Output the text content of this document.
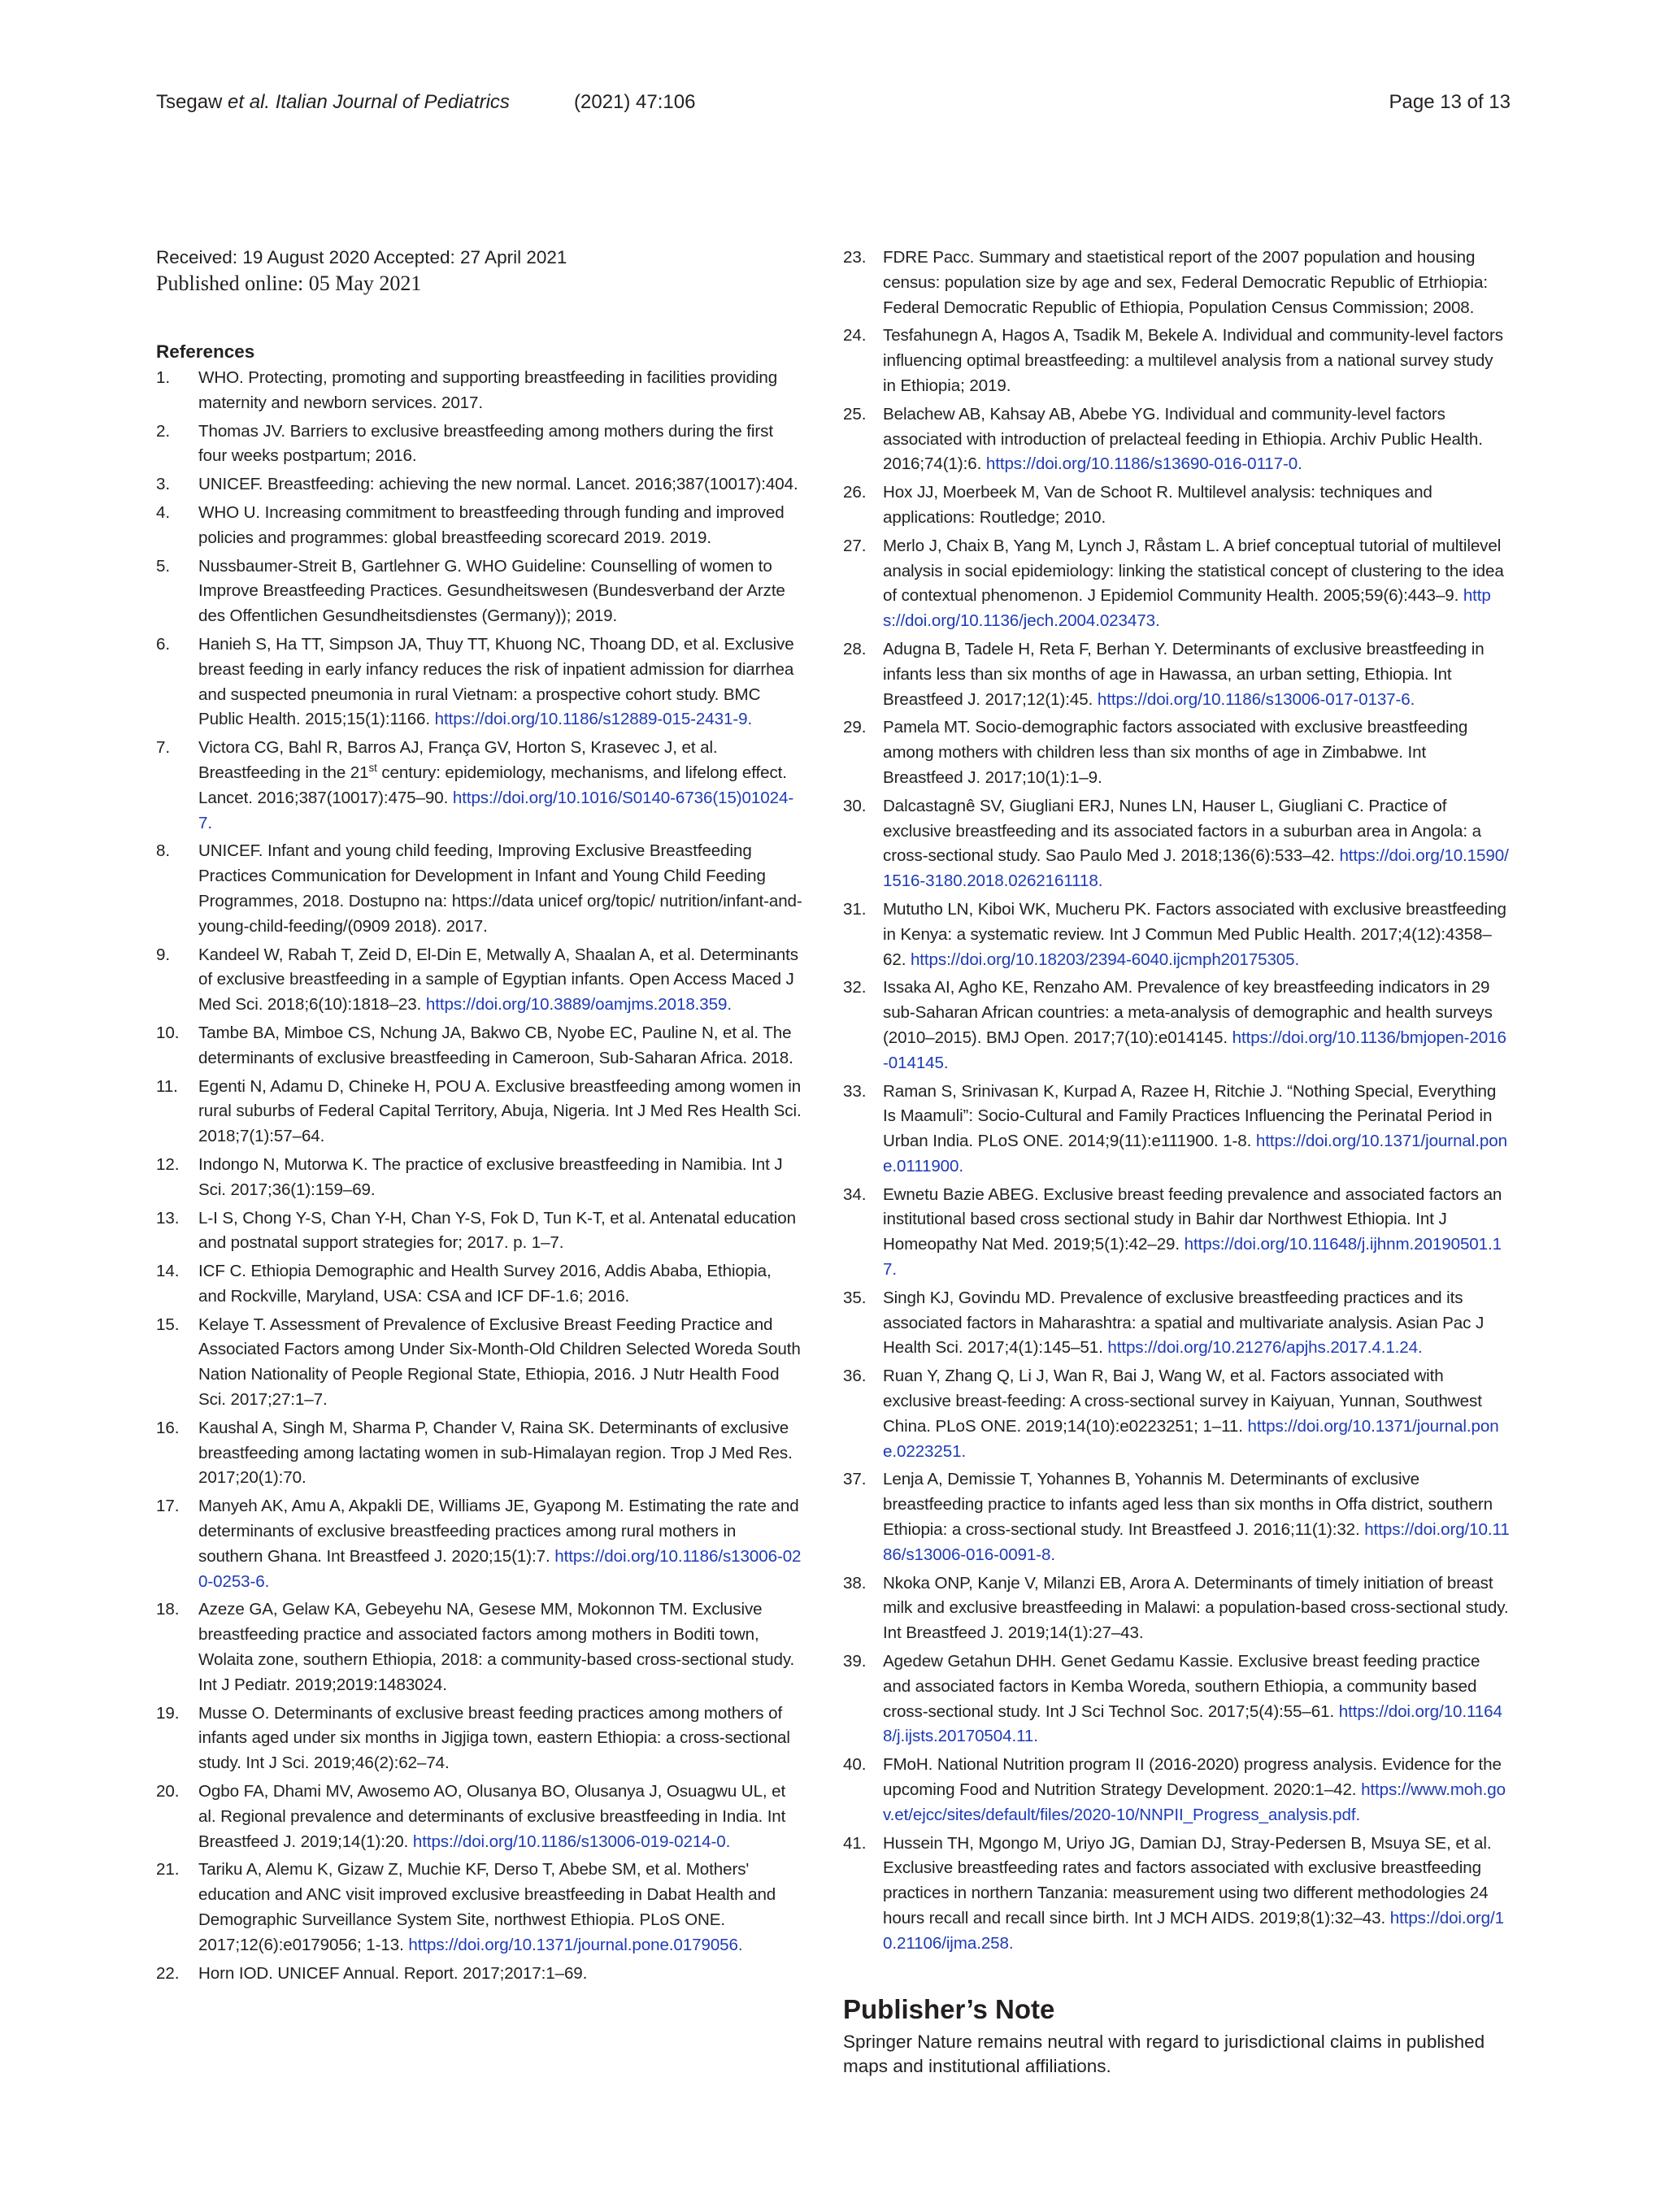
Tsegaw et al. Italian Journal of Pediatrics	(2021) 47:106	Page 13 of 13

Received: 19 August 2020 Accepted: 27 April 2021

Published online: 05 May 2021

References
1. WHO. Protecting, promoting and supporting breastfeeding in facilities providing maternity and newborn services. 2017.
2. Thomas JV. Barriers to exclusive breastfeeding among mothers during the first four weeks postpartum; 2016.
3. UNICEF. Breastfeeding: achieving the new normal. Lancet. 2016;387(10017):404.
4. WHO U. Increasing commitment to breastfeeding through funding and improved policies and programmes: global breastfeeding scorecard 2019. 2019.
5. Nussbaumer-Streit B, Gartlehner G. WHO Guideline: Counselling of women to Improve Breastfeeding Practices. Gesundheitswesen (Bundesverband der Arzte des Offentlichen Gesundheitsdienstes (Germany)); 2019.
6. Hanieh S, Ha TT, Simpson JA, Thuy TT, Khuong NC, Thoang DD, et al. Exclusive breast feeding in early infancy reduces the risk of inpatient admission for diarrhea and suspected pneumonia in rural Vietnam: a prospective cohort study. BMC Public Health. 2015;15(1):1166. https://doi.org/10.1186/s12889-015-2431-9.
7. Victora CG, Bahl R, Barros AJ, França GV, Horton S, Krasevec J, et al. Breastfeeding in the 21st century: epidemiology, mechanisms, and lifelong effect. Lancet. 2016;387(10017):475–90. https://doi.org/10.1016/S0140-6736(15)01024-7.
8. UNICEF. Infant and young child feeding, Improving Exclusive Breastfeeding Practices Communication for Development in Infant and Young Child Feeding Programmes, 2018. Dostupno na: https://data unicef org/topic/ nutrition/infant-and-young-child-feeding/(0909 2018). 2017.
9. Kandeel W, Rabah T, Zeid D, El-Din E, Metwally A, Shaalan A, et al. Determinants of exclusive breastfeeding in a sample of Egyptian infants. Open Access Maced J Med Sci. 2018;6(10):1818–23. https://doi.org/10.3889/oamjms.2018.359.
10. Tambe BA, Mimboe CS, Nchung JA, Bakwo CB, Nyobe EC, Pauline N, et al. The determinants of exclusive breastfeeding in Cameroon, Sub-Saharan Africa. 2018.
11. Egenti N, Adamu D, Chineke H, POU A. Exclusive breastfeeding among women in rural suburbs of Federal Capital Territory, Abuja, Nigeria. Int J Med Res Health Sci. 2018;7(1):57–64.
12. Indongo N, Mutorwa K. The practice of exclusive breastfeeding in Namibia. Int J Sci. 2017;36(1):159–69.
13. L-I S, Chong Y-S, Chan Y-H, Chan Y-S, Fok D, Tun K-T, et al. Antenatal education and postnatal support strategies for; 2017. p. 1–7.
14. ICF C. Ethiopia Demographic and Health Survey 2016, Addis Ababa, Ethiopia, and Rockville, Maryland, USA: CSA and ICF DF-1.6; 2016.
15. Kelaye T. Assessment of Prevalence of Exclusive Breast Feeding Practice and Associated Factors among Under Six-Month-Old Children Selected Woreda South Nation Nationality of People Regional State, Ethiopia, 2016. J Nutr Health Food Sci. 2017;27:1–7.
16. Kaushal A, Singh M, Sharma P, Chander V, Raina SK. Determinants of exclusive breastfeeding among lactating women in sub-Himalayan region. Trop J Med Res. 2017;20(1):70.
17. Manyeh AK, Amu A, Akpakli DE, Williams JE, Gyapong M. Estimating the rate and determinants of exclusive breastfeeding practices among rural mothers in southern Ghana. Int Breastfeed J. 2020;15(1):7. https://doi.org/10.1186/s13006-020-0253-6.
18. Azeze GA, Gelaw KA, Gebeyehu NA, Gesese MM, Mokonnon TM. Exclusive breastfeeding practice and associated factors among mothers in Boditi town, Wolaita zone, southern Ethiopia, 2018: a community-based cross-sectional study. Int J Pediatr. 2019;2019:1483024.
19. Musse O. Determinants of exclusive breast feeding practices among mothers of infants aged under six months in Jigjiga town, eastern Ethiopia: a cross-sectional study. Int J Sci. 2019;46(2):62–74.
20. Ogbo FA, Dhami MV, Awosemo AO, Olusanya BO, Olusanya J, Osuagwu UL, et al. Regional prevalence and determinants of exclusive breastfeeding in India. Int Breastfeed J. 2019;14(1):20. https://doi.org/10.1186/s13006-019-0214-0.
21. Tariku A, Alemu K, Gizaw Z, Muchie KF, Derso T, Abebe SM, et al. Mothers' education and ANC visit improved exclusive breastfeeding in Dabat Health and Demographic Surveillance System Site, northwest Ethiopia. PLoS ONE. 2017;12(6):e0179056; 1-13. https://doi.org/10.1371/journal.pone.0179056.
22. Horn IOD. UNICEF Annual. Report. 2017;2017:1–69.
23. FDRE Pacc. Summary and staetistical report of the 2007 population and housing census: population size by age and sex, Federal Democratic Republic of Etrhiopia: Federal Democratic Republic of Ethiopia, Population Census Commission; 2008.
24. Tesfahunegn A, Hagos A, Tsadik M, Bekele A. Individual and community-level factors influencing optimal breastfeeding: a multilevel analysis from a national survey study in Ethiopia; 2019.
25. Belachew AB, Kahsay AB, Abebe YG. Individual and community-level factors associated with introduction of prelacteal feeding in Ethiopia. Archiv Public Health. 2016;74(1):6. https://doi.org/10.1186/s13690-016-0117-0.
26. Hox JJ, Moerbeek M, Van de Schoot R. Multilevel analysis: techniques and applications: Routledge; 2010.
27. Merlo J, Chaix B, Yang M, Lynch J, Råstam L. A brief conceptual tutorial of multilevel analysis in social epidemiology: linking the statistical concept of clustering to the idea of contextual phenomenon. J Epidemiol Community Health. 2005;59(6):443–9. https://doi.org/10.1136/jech.2004.023473.
28. Adugna B, Tadele H, Reta F, Berhan Y. Determinants of exclusive breastfeeding in infants less than six months of age in Hawassa, an urban setting, Ethiopia. Int Breastfeed J. 2017;12(1):45. https://doi.org/10.1186/s13006-017-0137-6.
29. Pamela MT. Socio-demographic factors associated with exclusive breastfeeding among mothers with children less than six months of age in Zimbabwe. Int Breastfeed J. 2017;10(1):1–9.
30. Dalcastagnê SV, Giugliani ERJ, Nunes LN, Hauser L, Giugliani C. Practice of exclusive breastfeeding and its associated factors in a suburban area in Angola: a cross-sectional study. Sao Paulo Med J. 2018;136(6):533–42. https://doi.org/10.1590/1516-3180.2018.0262161118.
31. Mututho LN, Kiboi WK, Mucheru PK. Factors associated with exclusive breastfeeding in Kenya: a systematic review. Int J Commun Med Public Health. 2017;4(12):4358–62. https://doi.org/10.18203/2394-6040.ijcmph20175305.
32. Issaka AI, Agho KE, Renzaho AM. Prevalence of key breastfeeding indicators in 29 sub-Saharan African countries: a meta-analysis of demographic and health surveys (2010–2015). BMJ Open. 2017;7(10):e014145. https://doi.org/10.1136/bmjopen-2016-014145.
33. Raman S, Srinivasan K, Kurpad A, Razee H, Ritchie J. “Nothing Special, Everything Is Maamuli”: Socio-Cultural and Family Practices Influencing the Perinatal Period in Urban India. PLoS ONE. 2014;9(11):e111900. 1-8. https://doi.org/10.1371/journal.pone.0111900.
34. Ewnetu Bazie ABEG. Exclusive breast feeding prevalence and associated factors an institutional based cross sectional study in Bahir dar Northwest Ethiopia. Int J Homeopathy Nat Med. 2019;5(1):42–29. https://doi.org/10.11648/j.ijhnm.20190501.17.
35. Singh KJ, Govindu MD. Prevalence of exclusive breastfeeding practices and its associated factors in Maharashtra: a spatial and multivariate analysis. Asian Pac J Health Sci. 2017;4(1):145–51. https://doi.org/10.21276/apjhs.2017.4.1.24.
36. Ruan Y, Zhang Q, Li J, Wan R, Bai J, Wang W, et al. Factors associated with exclusive breast-feeding: A cross-sectional survey in Kaiyuan, Yunnan, Southwest China. PLoS ONE. 2019;14(10):e0223251; 1–11. https://doi.org/10.1371/journal.pone.0223251.
37. Lenja A, Demissie T, Yohannes B, Yohannis M. Determinants of exclusive breastfeeding practice to infants aged less than six months in Offa district, southern Ethiopia: a cross-sectional study. Int Breastfeed J. 2016;11(1):32. https://doi.org/10.1186/s13006-016-0091-8.
38. Nkoka ONP, Kanje V, Milanzi EB, Arora A. Determinants of timely initiation of breast milk and exclusive breastfeeding in Malawi: a population-based cross-sectional study. Int Breastfeed J. 2019;14(1):27–43.
39. Agedew Getahun DHH. Genet Gedamu Kassie. Exclusive breast feeding practice and associated factors in Kemba Woreda, southern Ethiopia, a community based cross-sectional study. Int J Sci Technol Soc. 2017;5(4):55–61. https://doi.org/10.11648/j.ijsts.20170504.11.
40. FMoH. National Nutrition program II (2016-2020) progress analysis. Evidence for the upcoming Food and Nutrition Strategy Development. 2020:1–42. https://www.moh.gov.et/ejcc/sites/default/files/2020-10/NNPII_Progress_analysis.pdf.
41. Hussein TH, Mgongo M, Uriyo JG, Damian DJ, Stray-Pedersen B, Msuya SE, et al. Exclusive breastfeeding rates and factors associated with exclusive breastfeeding practices in northern Tanzania: measurement using two different methodologies 24 hours recall and recall since birth. Int J MCH AIDS. 2019;8(1):32–43. https://doi.org/10.21106/ijma.258.
Publisher’s Note

Springer Nature remains neutral with regard to jurisdictional claims in published maps and institutional affiliations.
